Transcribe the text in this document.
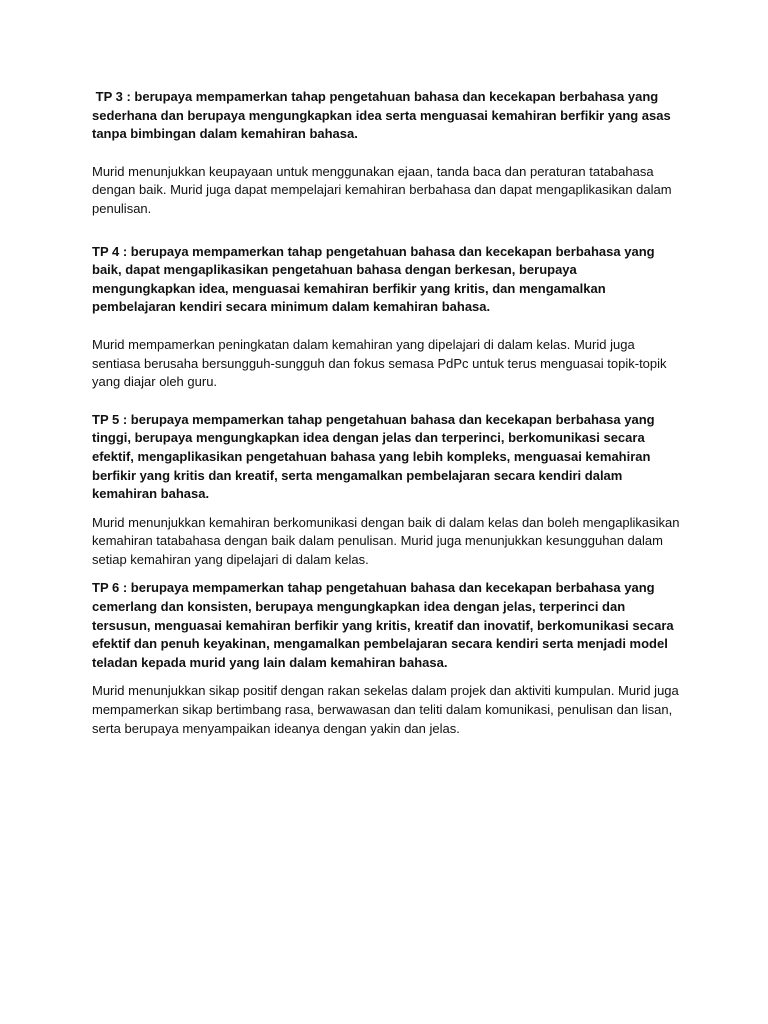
TP 3 : berupaya mempamerkan tahap pengetahuan bahasa dan kecekapan berbahasa yang sederhana dan berupaya mengungkapkan idea serta menguasai kemahiran berfikir yang asas tanpa bimbingan dalam kemahiran bahasa.

Murid menunjukkan keupayaan untuk menggunakan ejaan, tanda baca dan peraturan tatabahasa dengan baik. Murid juga dapat mempelajari kemahiran berbahasa dan dapat mengaplikasikan dalam penulisan.

TP 4 : berupaya mempamerkan tahap pengetahuan bahasa dan kecekapan berbahasa yang baik, dapat mengaplikasikan pengetahuan bahasa dengan berkesan, berupaya mengungkapkan idea, menguasai kemahiran berfikir yang kritis, dan mengamalkan pembelajaran kendiri secara minimum dalam kemahiran bahasa.

Murid mempamerkan peningkatan dalam kemahiran yang dipelajari di dalam kelas. Murid juga sentiasa berusaha bersungguh-sungguh dan fokus semasa PdPc untuk terus menguasai topik-topik yang diajar oleh guru.

TP 5 : berupaya mempamerkan tahap pengetahuan bahasa dan kecekapan berbahasa yang tinggi, berupaya mengungkapkan idea dengan jelas dan terperinci, berkomunikasi secara efektif, mengaplikasikan pengetahuan bahasa yang lebih kompleks, menguasai kemahiran berfikir yang kritis dan kreatif, serta mengamalkan pembelajaran secara kendiri dalam kemahiran bahasa.

Murid menunjukkan kemahiran berkomunikasi dengan baik di dalam kelas dan boleh mengaplikasikan kemahiran tatabahasa dengan baik dalam penulisan. Murid juga menunjukkan kesungguhan dalam setiap kemahiran yang dipelajari di dalam kelas.

TP 6 : berupaya mempamerkan tahap pengetahuan bahasa dan kecekapan berbahasa yang cemerlang dan konsisten, berupaya mengungkapkan idea dengan jelas, terperinci dan tersusun, menguasai kemahiran berfikir yang kritis, kreatif dan inovatif, berkomunikasi secara efektif dan penuh keyakinan, mengamalkan pembelajaran secara kendiri serta menjadi model teladan kepada murid yang lain dalam kemahiran bahasa.

Murid menunjukkan sikap positif dengan rakan sekelas dalam projek dan aktiviti kumpulan. Murid juga mempamerkan sikap bertimbang rasa, berwawasan dan teliti dalam komunikasi, penulisan dan lisan, serta berupaya menyampaikan ideanya dengan yakin dan jelas.
